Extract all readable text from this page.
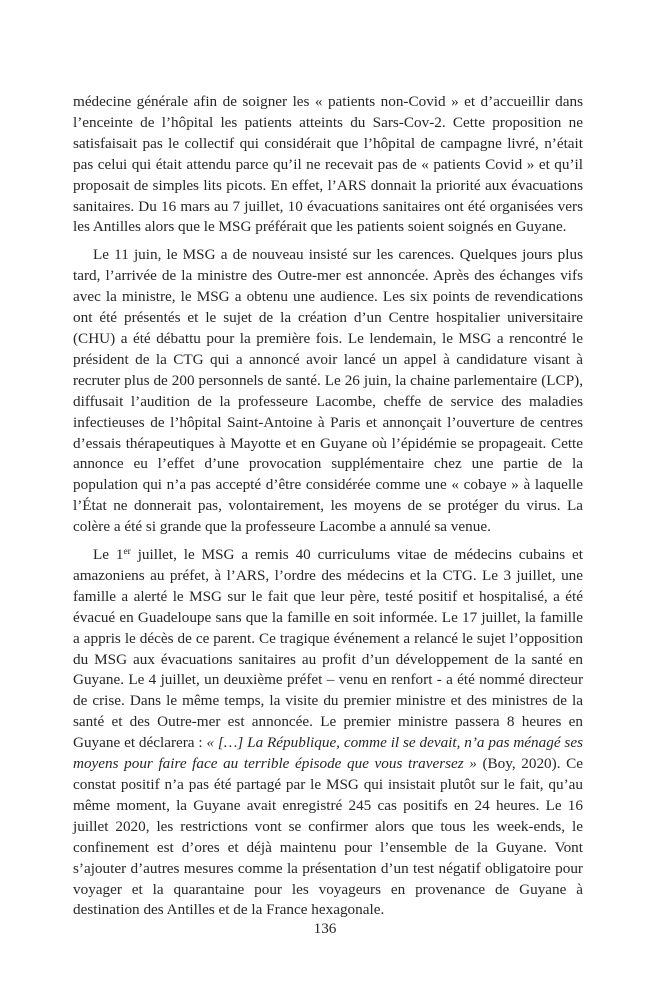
médecine générale afin de soigner les « patients non-Covid » et d’accueillir dans l’enceinte de l’hôpital les patients atteints du Sars-Cov-2. Cette proposition ne satisfaisait pas le collectif qui considérait que l’hôpital de campagne livré, n’était pas celui qui était attendu parce qu’il ne recevait pas de « patients Covid » et qu’il proposait de simples lits picots. En effet, l’ARS donnait la priorité aux évacuations sanitaires. Du 16 mars au 7 juillet, 10 évacuations sanitaires ont été organisées vers les Antilles alors que le MSG préférait que les patients soient soignés en Guyane.

Le 11 juin, le MSG a de nouveau insisté sur les carences. Quelques jours plus tard, l’arrivée de la ministre des Outre-mer est annoncée. Après des échanges vifs avec la ministre, le MSG a obtenu une audience. Les six points de revendications ont été présentés et le sujet de la création d’un Centre hospitalier universitaire (CHU) a été débattu pour la première fois. Le lendemain, le MSG a rencontré le président de la CTG qui a annoncé avoir lancé un appel à candidature visant à recruter plus de 200 personnels de santé. Le 26 juin, la chaine parlementaire (LCP), diffusait l’audition de la professeure Lacombe, cheffe de service des maladies infectieuses de l’hôpital Saint-Antoine à Paris et annonçait l’ouverture de centres d’essais thérapeutiques à Mayotte et en Guyane où l’épidémie se propageait. Cette annonce eu l’effet d’une provocation supplémentaire chez une partie de la population qui n’a pas accepté d’être considérée comme une « cobaye » à laquelle l’État ne donnerait pas, volontairement, les moyens de se protéger du virus. La colère a été si grande que la professeure Lacombe a annulé sa venue.

Le 1er juillet, le MSG a remis 40 curriculums vitae de médecins cubains et amazoniens au préfet, à l’ARS, l’ordre des médecins et la CTG. Le 3 juillet, une famille a alerté le MSG sur le fait que leur père, testé positif et hospitalisé, a été évacué en Guadeloupe sans que la famille en soit informée. Le 17 juillet, la famille a appris le décès de ce parent. Ce tragique événement a relancé le sujet l’opposition du MSG aux évacuations sanitaires au profit d’un développement de la santé en Guyane. Le 4 juillet, un deuxième préfet – venu en renfort - a été nommé directeur de crise. Dans le même temps, la visite du premier ministre et des ministres de la santé et des Outre-mer est annoncée. Le premier ministre passera 8 heures en Guyane et déclarera : « […] La République, comme il se devait, n’a pas ménagé ses moyens pour faire face au terrible épisode que vous traversez » (Boy, 2020). Ce constat positif n’a pas été partagé par le MSG qui insistait plutôt sur le fait, qu’au même moment, la Guyane avait enregistré 245 cas positifs en 24 heures. Le 16 juillet 2020, les restrictions vont se confirmer alors que tous les week-ends, le confinement est d’ores et déjà maintenu pour l’ensemble de la Guyane. Vont s’ajouter d’autres mesures comme la présentation d’un test négatif obligatoire pour voyager et la quarantaine pour les voyageurs en provenance de Guyane à destination des Antilles et de la France hexagonale.

136
